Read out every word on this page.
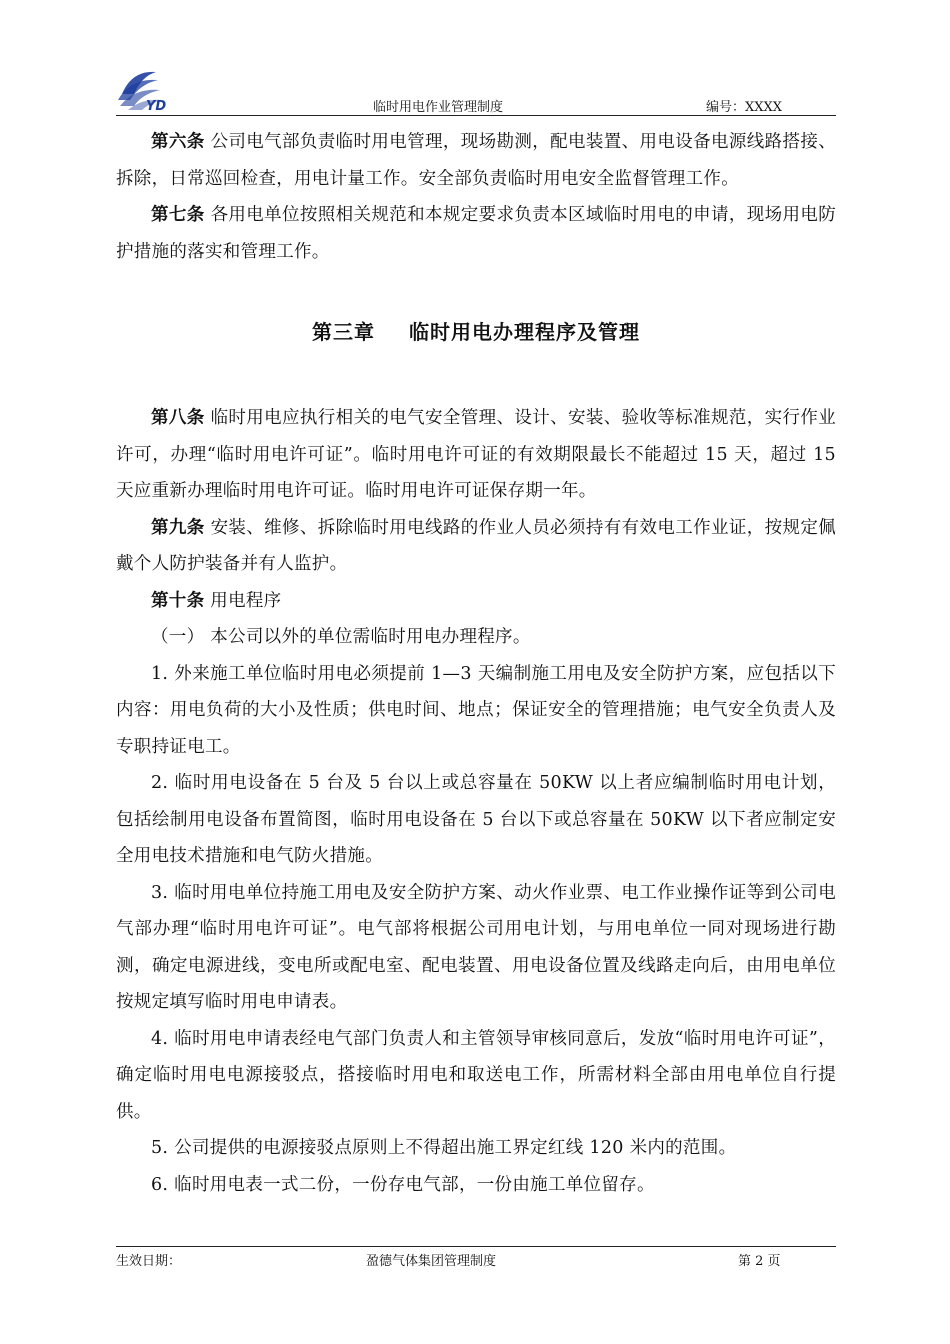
YD	临时用电作业管理制度	编号：XXXX

第六条 公司电气部负责临时用电管理，现场勘测，配电装置、用电设备电源线路搭接、拆除，日常巡回检查，用电计量工作。安全部负责临时用电安全监督管理工作。

第七条 各用电单位按照相关规范和本规定要求负责本区域临时用电的申请，现场用电防护措施的落实和管理工作。

第三章 临时用电办理程序及管理

第八条 临时用电应执行相关的电气安全管理、设计、安装、验收等标准规范，实行作业许可，办理“临时用电许可证”。临时用电许可证的有效期限最长不能超过 15 天，超过 15 天应重新办理临时用电许可证。临时用电许可证保存期一年。

第九条 安装、维修、拆除临时用电线路的作业人员必须持有有效电工作业证，按规定佩戴个人防护装备并有人监护。

第十条 用电程序

（一） 本公司以外的单位需临时用电办理程序。

1. 外来施工单位临时用电必须提前 1—3 天编制施工用电及安全防护方案，应包括以下内容：用电负荷的大小及性质；供电时间、地点；保证安全的管理措施；电气安全负责人及专职持证电工。

2. 临时用电设备在 5 台及 5 台以上或总容量在 50KW 以上者应编制临时用电计划，包括绘制用电设备布置简图，临时用电设备在 5 台以下或总容量在 50KW 以下者应制定安全用电技术措施和电气防火措施。

3. 临时用电单位持施工用电及安全防护方案、动火作业票、电工作业操作证等到公司电气部办理“临时用电许可证”。电气部将根据公司用电计划，与用电单位一同对现场进行勘测，确定电源进线，变电所或配电室、配电装置、用电设备位置及线路走向后，由用电单位按规定填写临时用电申请表。

4. 临时用电申请表经电气部门负责人和主管领导审核同意后，发放“临时用电许可证”，确定临时用电电源接驳点，搭接临时用电和取送电工作，所需材料全部由用电单位自行提供。

5. 公司提供的电源接驳点原则上不得超出施工界定红线 120 米内的范围。

6. 临时用电表一式二份，一份存电气部，一份由施工单位留存。

生效日期：	盈德气体集团管理制度	第 2 页
